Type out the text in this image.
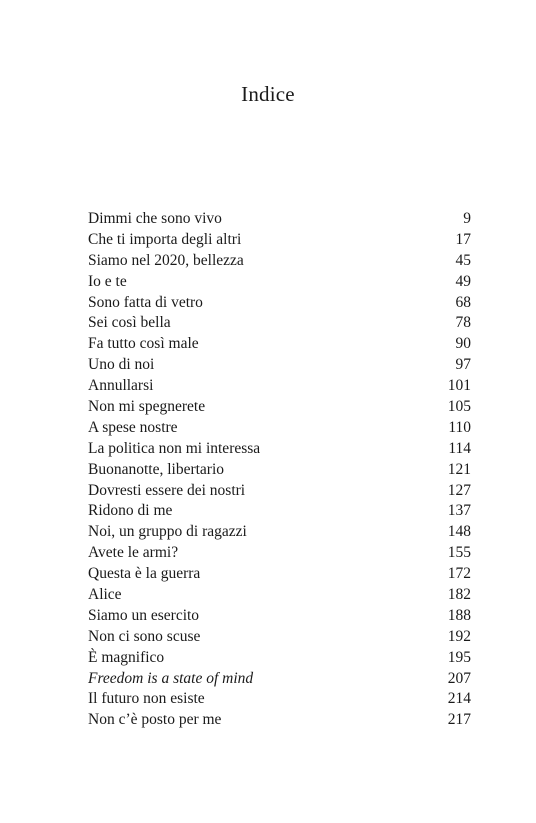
Indice
Dimmi che sono vivo	9
Che ti importa degli altri	17
Siamo nel 2020, bellezza	45
Io e te	49
Sono fatta di vetro	68
Sei così bella	78
Fa tutto così male	90
Uno di noi	97
Annullarsi	101
Non mi spegnerete	105
A spese nostre	110
La politica non mi interessa	114
Buonanotte, libertario	121
Dovresti essere dei nostri	127
Ridono di me	137
Noi, un gruppo di ragazzi	148
Avete le armi?	155
Questa è la guerra	172
Alice	182
Siamo un esercito	188
Non ci sono scuse	192
È magnifico	195
Freedom is a state of mind	207
Il futuro non esiste	214
Non c’è posto per me	217
